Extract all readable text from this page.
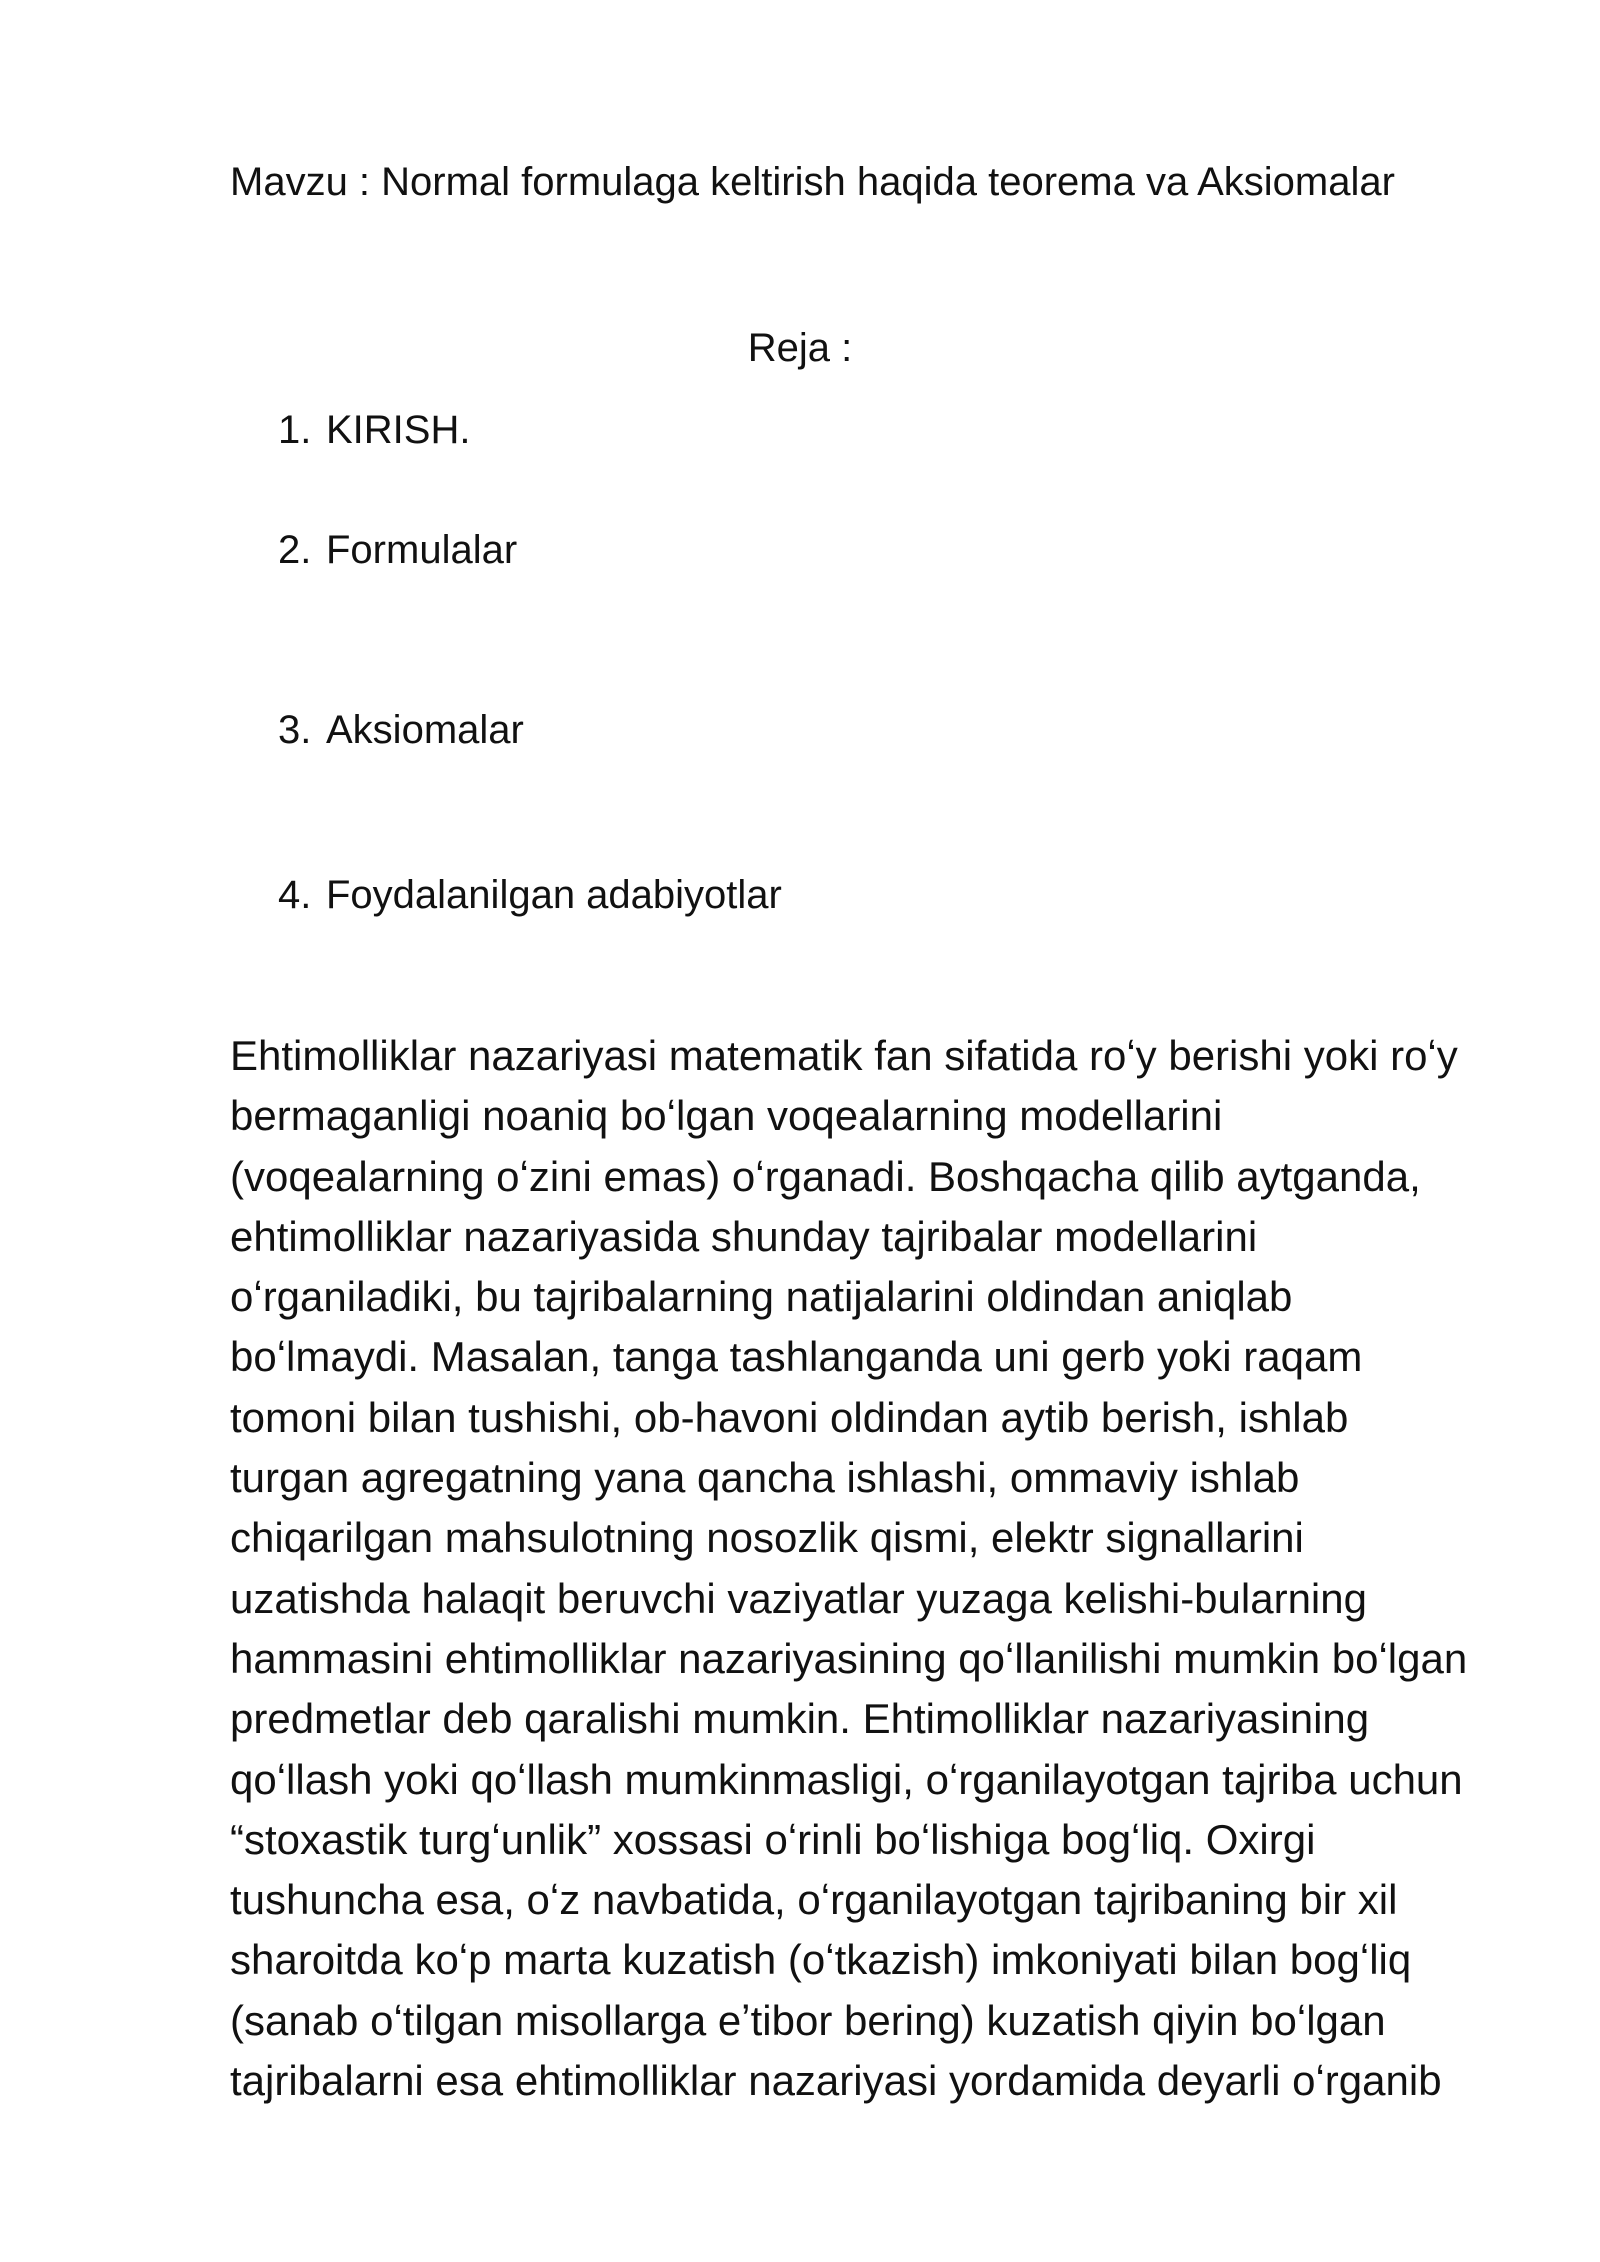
Mavzu : Normal formulaga keltirish haqida teorema va Aksiomalar
Reja :
1. KIRISH.
2. Formulalar
3. Aksiomalar
4. Foydalanilgan adabiyotlar
Ehtimolliklar nazariyasi matematik fan sifatida roʻy berishi yoki roʻy
bermaganligi noaniq boʻlgan voqealarning modellarini
(voqealarning oʻzini emas) oʻrganadi. Boshqacha qilib aytganda,
ehtimolliklar nazariyasida shunday tajribalar modellarini
oʻrganiladiki, bu tajribalarning natijalarini oldindan aniqlab
boʻlmaydi. Masalan, tanga tashlanganda uni gerb yoki raqam
tomoni bilan tushishi, ob-havoni oldindan aytib berish, ishlab
turgan agregatning yana qancha ishlashi, ommaviy ishlab
chiqarilgan mahsulotning nosozlik qismi, elektr signallarini
uzatishda halaqit beruvchi vaziyatlar yuzaga kelishi-bularning
hammasini ehtimolliklar nazariyasining qoʻllanilishi mumkin boʻlgan
predmetlar deb qaralishi mumkin. Ehtimolliklar nazariyasining
qoʻllash yoki qoʻllash mumkinmasligi, oʻrganilayotgan tajriba uchun
“stoxastik turgʻunlik” xossasi oʻrinli boʻlishiga bogʻliq. Oxirgi
tushuncha esa, oʻz navbatida, oʻrganilayotgan tajribaning bir xil
sharoitda koʻp marta kuzatish (oʻtkazish) imkoniyati bilan bogʻliq
(sanab oʻtilgan misollarga eʼtibor bering) kuzatish qiyin boʻlgan
tajribalarni esa ehtimolliklar nazariyasi yordamida deyarli oʻrganib
